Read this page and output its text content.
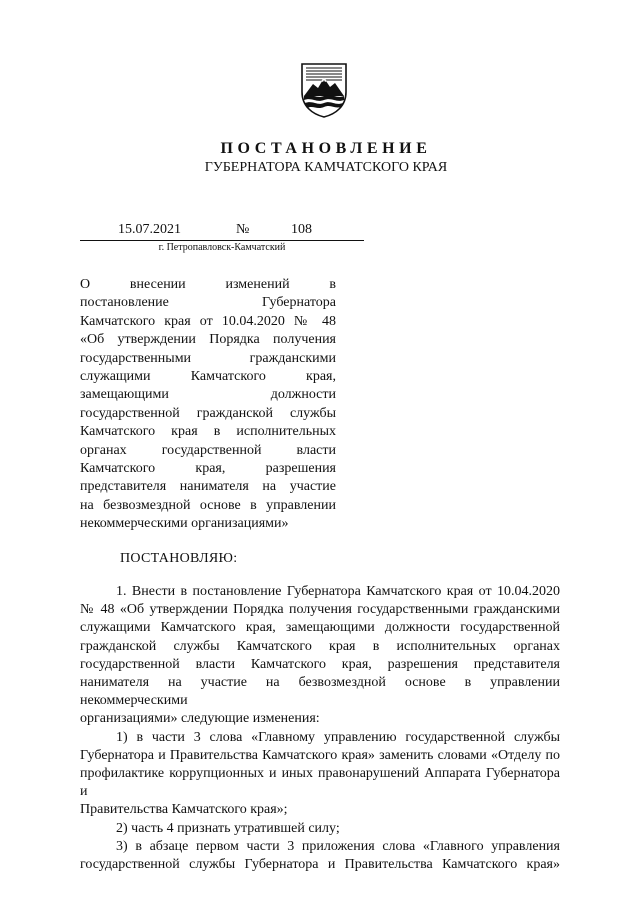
ПОСТАНОВЛЕНИЕ
ГУБЕРНАТОРА КАМЧАТСКОГО КРАЯ
15.07.2021	№	108
г. Петропавловск-Камчатский
О внесении изменений в
постановление Губернатора
Камчатского края от 10.04.2020 № 48
«Об утверждении Порядка получения
государственными гражданскими
служащими Камчатского края,
замещающими должности
государственной гражданской службы
Камчатского края в исполнительных
органах государственной власти
Камчатского края, разрешения
представителя нанимателя на участие
на безвозмездной основе в управлении
некоммерческими организациями»
ПОСТАНОВЛЯЮ:
1. Внести в постановление Губернатора Камчатского края от 10.04.2020
№ 48 «Об утверждении Порядка получения государственными гражданскими
служащими Камчатского края, замещающими должности государственной
гражданской службы Камчатского края в исполнительных органах
государственной власти Камчатского края, разрешения представителя
нанимателя на участие на безвозмездной основе в управлении некоммерческими
организациями» следующие изменения:
1) в части 3 слова «Главному управлению государственной службы
Губернатора и Правительства Камчатского края» заменить словами «Отделу по
профилактике коррупционных и иных правонарушений Аппарата Губернатора и
Правительства Камчатского края»;
2) часть 4 признать утратившей силу;
3) в абзаце первом части 3 приложения слова «Главного управления
государственной службы Губернатора и Правительства Камчатского края»
